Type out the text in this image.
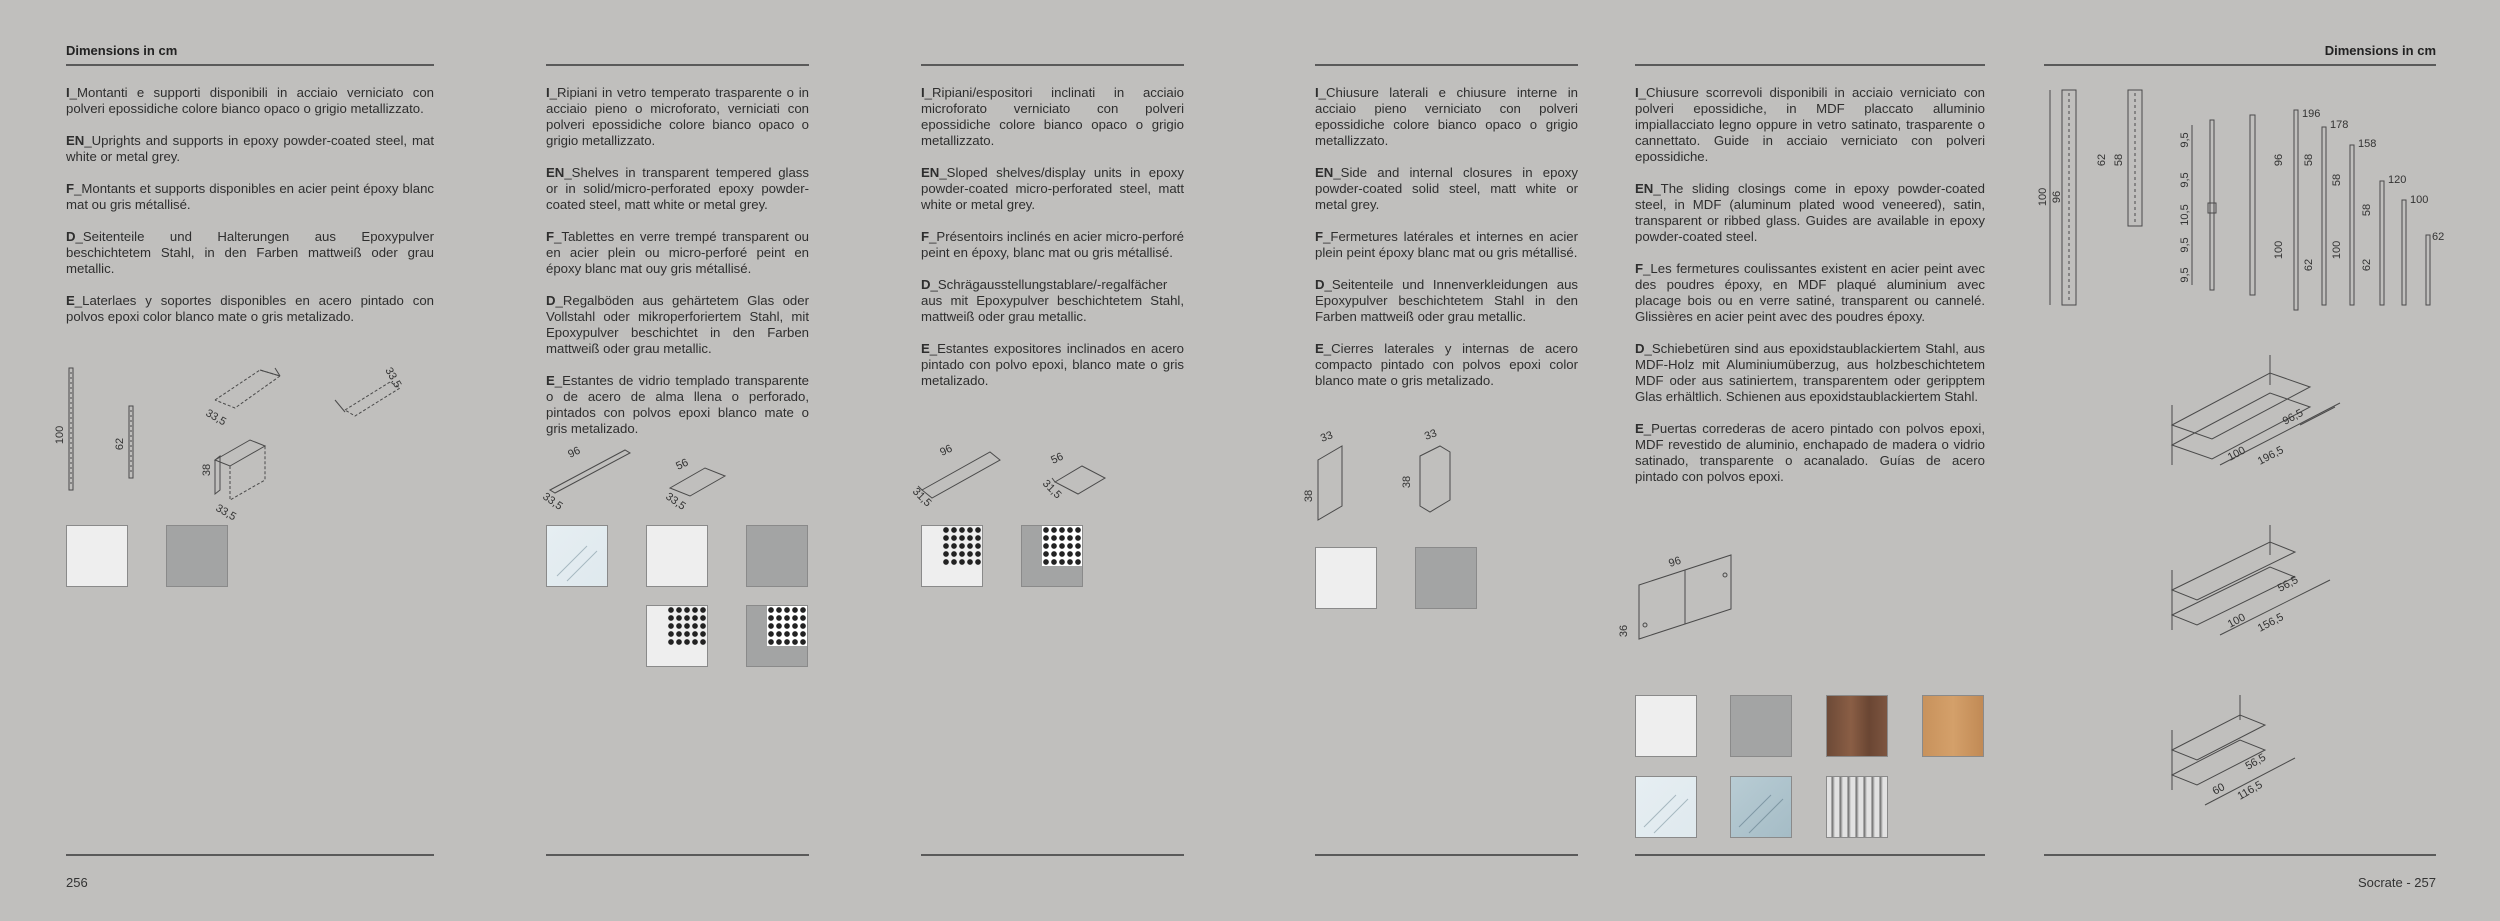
Dimensions in cm	Dimensions in cm

I_Montanti e supporti disponibili in acciaio verniciato con polveri epossidiche colore bianco opaco o grigio metallizzato.

EN_Uprights and supports in epoxy powder-coated steel, mat white or metal grey.

F_Montants et supports disponibles en acier peint époxy blanc mat ou gris métallisé.

D_Seitenteile und Halterungen aus Epoxypulver beschichtetem Stahl, in den Farben mattweiß oder grau metallic.

E_Laterlaes y soportes disponibles en acero pintado con polvos epoxi color blanco mate o gris metalizado.

I_Ripiani in vetro temperato trasparente o in acciaio pieno o microforato, verniciati con polveri epossidiche colore bianco opaco o grigio metallizzato.

EN_Shelves in transparent tempered glass or in solid/micro-perforated epoxy powder-coated steel, matt white or metal grey.

F_Tablettes en verre trempé transparent ou en acier plein ou micro-perforé peint en époxy blanc mat ouy gris métallisé.

D_Regalböden aus gehärtetem Glas oder Vollstahl oder mikroperforiertem Stahl, mit Epoxypulver beschichtet in den Farben mattweiß oder grau metallic.

E_Estantes de vidrio templado transparente o de acero de alma llena o perforado, pintados con polvos epoxi blanco mate o gris metalizado.

I_Ripiani/espositori inclinati in acciaio microforato verniciato con polveri epossidiche colore bianco opaco o grigio metallizzato.

EN_Sloped shelves/display units in epoxy powder-coated micro-perforated steel, matt white or metal grey.

F_Présentoirs inclinés en acier micro-perforé peint en époxy, blanc mat ou gris métallisé.

D_Schrägausstellungstablare/-regalfächer aus mit Epoxypulver beschichtetem Stahl, mattweiß oder grau metallic.

E_Estantes expositores inclinados en acero pintado con polvo epoxi, blanco mate o gris metalizado.

I_Chiusure laterali e chiusure interne in acciaio pieno verniciato con polveri epossidiche colore bianco opaco o grigio metallizzato.

EN_Side and internal closures in epoxy powder-coated solid steel, matt white or metal grey.

F_Fermetures latérales et internes en acier plein peint époxy blanc mat ou gris métallisé.

D_Seitenteile und Innenverkleidungen aus Epoxypulver beschichtetem Stahl in den Farben mattweiß oder grau metallic.

E_Cierres laterales y internas de acero compacto pintado con polvos epoxi color blanco mate o gris metalizado.

I_Chiusure scorrevoli disponibili in acciaio verniciato con polveri epossidiche, in MDF placcato alluminio impiallacciato legno oppure in vetro satinato, trasparente o cannettato. Guide in acciaio verniciato con polveri epossidiche.

EN_The sliding closings come in epoxy powder-coated steel, in MDF (aluminum plated wood veneered), satin, transparent or ribbed glass. Guides are available in epoxy powder-coated steel.

F_Les fermetures coulissantes existent en acier peint avec des poudres époxy, en MDF plaqué aluminium avec placage bois ou en verre satiné, transparent ou cannelé. Glissières en acier peint avec des poudres époxy.

D_Schiebetüren sind aus epoxidstaublackiertem Stahl, aus MDF-Holz mit Aluminiumüberzug, aus holzbeschichtetem MDF oder aus satiniertem, transparentem oder geripptem Glas erhältlich. Schienen aus epoxidstaublackiertem Stahl.

E_Puertas correderas de acero pintado con polvos epoxi, MDF revestido de aluminio, enchapado de madera o vidrio satinado, transparente o acanalado. Guías de acero pintado con polvos epoxi.

100	62
33,5
38
33,5
33,5
96
33,5
56
33,5
96
31,5
56
31,5
33
38
33
38
96
36
100 96
62 58
9,5
9,5
10,5
9,5
9,5
196
96
100
178
58
62
158
58
100
120
58
62
100
62
96,5
100 196,5
56,5
100 156,5
56,5
60 116,5
256	Socrate - 257
